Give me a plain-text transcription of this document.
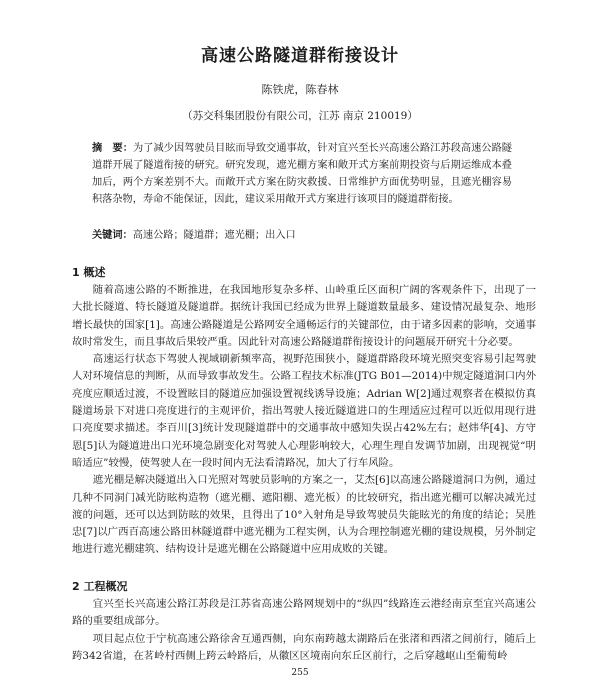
高速公路隧道群衔接设计
陈铁虎，陈春林
（苏交科集团股份有限公司，江苏 南京 210019）
摘　要：为了减少因驾驶员目眩而导致交通事故，针对宜兴至长兴高速公路江苏段高速公路隧道群开展了隧道衔接的研究。研究发现，遮光棚方案和敞开式方案前期投资与后期运维成本叠加后，两个方案差别不大。而敞开式方案在防灾救援、日常维护方面优势明显，且遮光棚容易积落杂物，寿命不能保证，因此，建议采用敞开式方案进行该项目的隧道群衔接。
关键词：高速公路；隧道群；遮光棚；出入口
1 概述

随着高速公路的不断推进，在我国地形复杂多样、山岭重丘区面积广阔的客观条件下，出现了一大批长隧道、特长隧道及隧道群。据统计我国已经成为世界上隧道数量最多、建设情况最复杂、地形增长最快的国家[1]。高速公路隧道是公路网安全通畅运行的关键部位，由于诸多因素的影响，交通事故时常发生，而且事故后果较严重。因此针对高速公路隧道群衔接设计的问题展开研究十分必要。

高速运行状态下驾驶人视域刷新频率高，视野范围狭小，隧道群路段环境光照突变容易引起驾驶人对环境信息的判断，从而导致事故发生。公路工程技术标准(JTG B01—2014)中规定隧道洞口内外亮度应顺适过渡，不设置眩目的隧道应加强设置视线诱导设施；Adrian W[2]通过观察者在模拟仿真隧道场景下对进口亮度进行的主观评价，指出驾驶人接近隧道进口的生理适应过程可以近似用现行进口亮度要求描述。李百川[3]统计发现隧道群中的交通事故中感知失误占42%左右；赵炜华[4]、方守恩[5]认为隧道进出口光环境急剧变化对驾驶人心理影响较大，心理生理自发调节加剧，出现视觉“明暗适应”较慢，使驾驶人在一段时间内无法看清路况，加大了行车风险。

遮光棚是解决隧道出入口光照对驾驶员影响的方案之一，艾杰[6]以高速公路隧道洞口为例，通过几种不同洞门减光防眩构造物（遮光棚、遮阳棚、遮光板）的比较研究，指出遮光棚可以解决减光过渡的问题，还可以达到防眩的效果，且得出了10°入射角是导致驾驶员失能眩光的角度的结论；吴胜忠[7]以广西百高速公路田林隧道群中遮光棚为工程实例，认为合理控制遮光棚的建设规模，另外制定地进行遮光棚建筑、结构设计是遮光棚在公路隧道中应用成败的关键。

2 工程概况

宜兴至长兴高速公路江苏段是江苏省高速公路网规划中的“纵四”线路连云港经南京至宜兴高速公路的重要组成部分。

项目起点位于宁杭高速公路徐舍互通西侧，向东南跨越太湖路后在张渚和西渚之间前行，随后上跨342省道，在茗岭村西侧上跨云岭路后，从徽区区境南向东丘区前行，之后穿越岖山至葡萄岭

255
